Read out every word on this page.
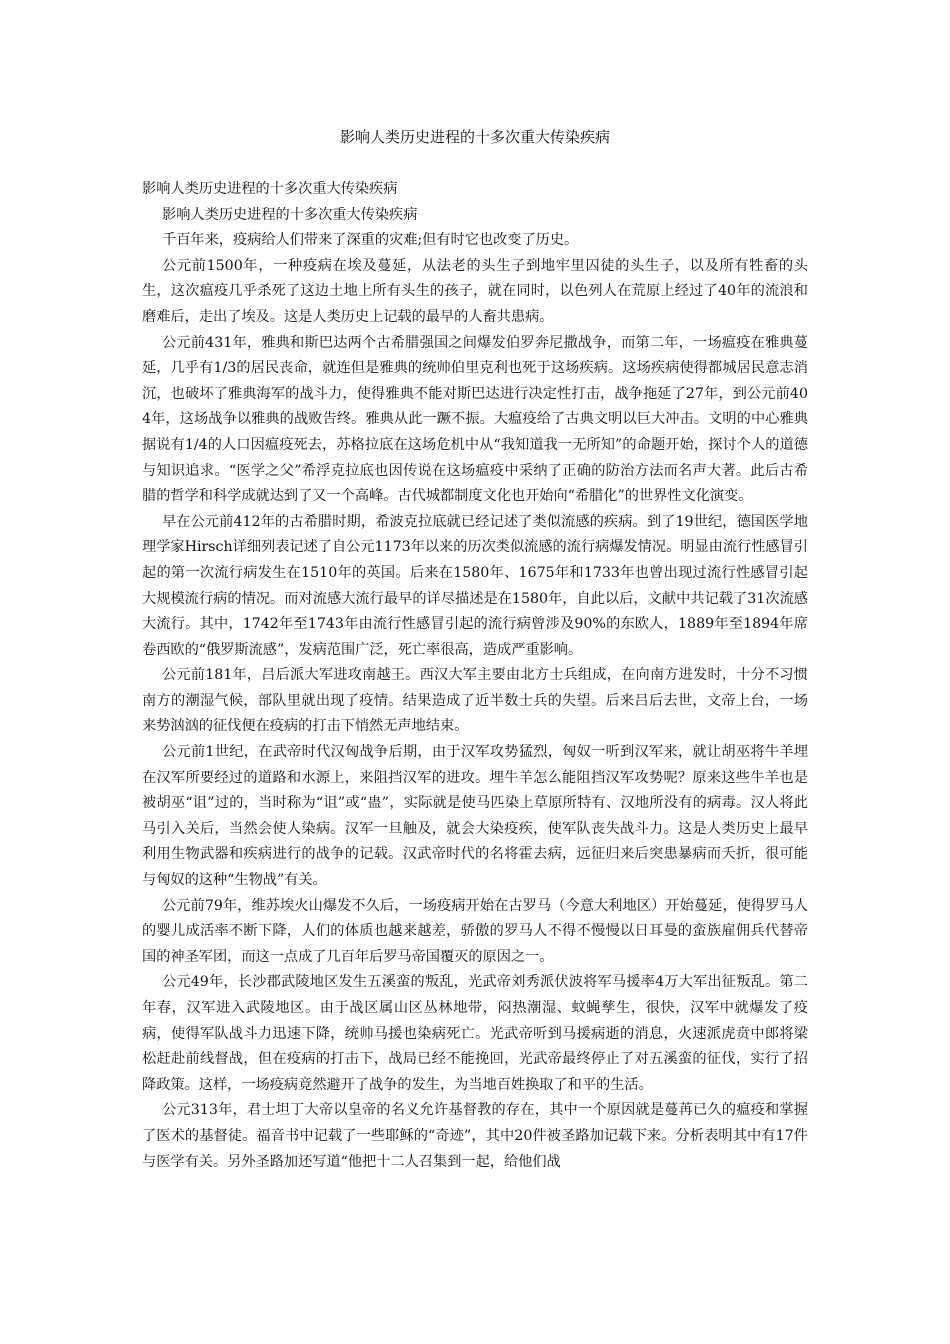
影响人类历史进程的十多次重大传染疾病

影响人类历史进程的十多次重大传染疾病

影响人类历史进程的十多次重大传染疾病

千百年来，疫病给人们带来了深重的灾难;但有时它也改变了历史。

公元前1500年，一种疫病在埃及蔓延，从法老的头生子到地牢里囚徒的头生子，以及所有牲畜的头生，这次瘟疫几乎杀死了这边土地上所有头生的孩子，就在同时，以色列人在荒原上经过了40年的流浪和磨难后，走出了埃及。这是人类历史上记载的最早的人畜共患病。

公元前431年，雅典和斯巴达两个古希腊强国之间爆发伯罗奔尼撒战争，而第二年，一场瘟疫在雅典蔓延，几乎有1/3的居民丧命，就连但是雅典的统帅伯里克利也死于这场疾病。这场疾病使得都城居民意志消沉，也破坏了雅典海军的战斗力，使得雅典不能对斯巴达进行决定性打击，战争拖延了27年，到公元前404年，这场战争以雅典的战败告终。雅典从此一蹶不振。大瘟疫给了古典文明以巨大冲击。文明的中心雅典据说有1/4的人口因瘟疫死去，苏格拉底在这场危机中从“我知道我一无所知”的命题开始，探讨个人的道德与知识追求。“医学之父”希浮克拉底也因传说在这场瘟疫中采纳了正确的防治方法而名声大著。此后古希腊的哲学和科学成就达到了又一个高峰。古代城都制度文化也开始向“希腊化”的世界性文化演变。

早在公元前412年的古希腊时期，希波克拉底就已经记述了类似流感的疾病。到了19世纪，德国医学地理学家Hirsch详细列表记述了自公元1173年以来的历次类似流感的流行病爆发情况。明显由流行性感冒引起的第一次流行病发生在1510年的英国。后来在1580年、1675年和1733年也曾出现过流行性感冒引起大规模流行病的情况。而对流感大流行最早的详尽描述是在1580年，自此以后，文献中共记载了31次流感大流行。其中，1742年至1743年由流行性感冒引起的流行病曾涉及90%的东欧人，1889年至1894年席卷西欧的“俄罗斯流感”，发病范围广泛，死亡率很高，造成严重影响。

公元前181年，吕后派大军进攻南越王。西汉大军主要由北方士兵组成，在向南方进发时，十分不习惯南方的潮湿气候，部队里就出现了疫情。结果造成了近半数士兵的失望。后来吕后去世，文帝上台，一场来势汹汹的征伐便在疫病的打击下悄然无声地结束。

公元前1世纪，在武帝时代汉匈战争后期，由于汉军攻势猛烈，匈奴一听到汉军来，就让胡巫将牛羊埋在汉军所要经过的道路和水源上，来阻挡汉军的进攻。埋牛羊怎么能阻挡汉军攻势呢？原来这些牛羊也是被胡巫“诅”过的，当时称为“诅”或“蛊”，实际就是使马匹染上草原所特有、汉地所没有的病毒。汉人将此马引入关后，当然会使人染病。汉军一旦触及，就会大染疫疾，使军队丧失战斗力。这是人类历史上最早利用生物武器和疾病进行的战争的记载。汉武帝时代的名将霍去病，远征归来后突患暴病而夭折，很可能与匈奴的这种“生物战”有关。

公元前79年，维苏埃火山爆发不久后，一场疫病开始在古罗马（今意大利地区）开始蔓延，使得罗马人的婴儿成活率不断下降，人们的体质也越来越差，骄傲的罗马人不得不慢慢以日耳曼的蛮族雇佣兵代替帝国的神圣军团，而这一点成了几百年后罗马帝国覆灭的原因之一。

公元49年，长沙郡武陵地区发生五溪蛮的叛乱，光武帝刘秀派伏波将军马援率4万大军出征叛乱。第二年春，汉军进入武陵地区。由于战区属山区丛林地带，闷热潮湿、蚊蝇孳生，很快，汉军中就爆发了疫病，使得军队战斗力迅速下降，统帅马援也染病死亡。光武帝听到马援病逝的消息，火速派虎贲中郎将梁松赶赴前线督战，但在疫病的打击下，战局已经不能挽回，光武帝最终停止了对五溪蛮的征伐，实行了招降政策。这样，一场疫病竟然避开了战争的发生，为当地百姓换取了和平的生活。

公元313年，君士坦丁大帝以皇帝的名义允许基督教的存在，其中一个原因就是蔓苒已久的瘟疫和掌握了医术的基督徒。福音书中记载了一些耶稣的“奇迹”，其中20件被圣路加记载下来。分析表明其中有17件与医学有关。另外圣路加还写道“他把十二人召集到一起，给他们战
